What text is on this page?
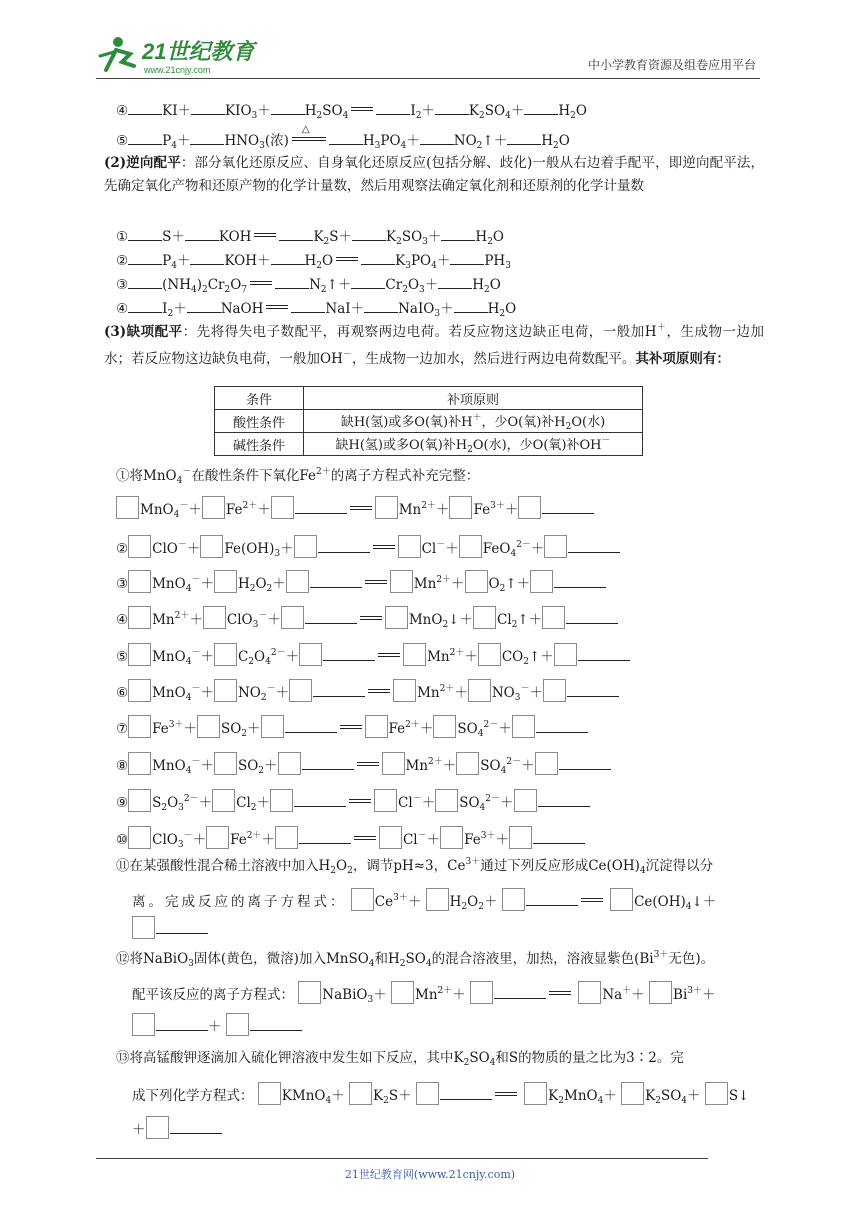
21世纪教育
www.21cnjy.com	中小学教育资源及组卷应用平台
④	KI＋	$KIO_3+$	$H_2SO_4$	$I_2+$	$K_2SO_4+$	$H_2O$
⑤	$P_4+$	$HNO_3$(浓)
△
$H_3PO_4+$	$NO_2↑+$	$H_2O$
(2)逆向配平：部分氧化还原反应、自身氧化还原反应(包括分解、歧化)一般从右边着手配平，即逆向配平法，先确定氧化产物和还原产物的化学计量数，然后用观察法确定氧化剂和还原剂的化学计量数
①	S＋	KOH	$K_2S+$	$K_2SO_3+$	$H_2O$
②	$P_4+$	KOH＋	$H_2O$	$K_3PO_4+$	$PH_3$
③	$(NH_4)_2Cr_2O_7$	$N_2↑+$	$Cr_2O_3+$	$H_2O$
④	$I_2+$	NaOH	NaI＋	NaIO$_3$＋	$H_2O$
(3)缺项配平：先将得失电子数配平，再观察两边电荷。若反应物这边缺正电荷，一般加H＋，生成物一边加水；若反应物这边缺负电荷，一般加OH－，生成物一边加水，然后进行两边电荷数配平。其补项原则有：
条件	补项原则
酸性条件	缺H(氢)或多O(氧)补H＋，少O(氧)补$H_2O$(水)
碱性条件	缺H(氢)或多O(氧)补$H_2O$(水)，少O(氧)补OH－
①将MnO$_4$－在酸性条件下氧化$Fe^{2+}$的离子方程式补充完整：
$MnO_4^-+ Fe^{2+}+$	$Mn^{2+}+ Fe^{3+}+$
② $ClO^-+ Fe(OH)_3+$	Cl－＋ FeO$_4^{2-}$＋
③ $MnO_4^-+ H_2O_2+$	$Mn^{2+}+$ $O_2↑+$
④ $Mn^{2+}+ ClO_3^-+$	MnO$_2$↓＋ $Cl_2↑+$
⑤ $MnO_4^-+ C_2O_4^{2-}+$	$Mn^{2+}+$ $CO_2↑+$
⑥ $MnO_4^-+ NO_2^-+$	$Mn^{2+}+ NO_3^-+$
⑦ $Fe^{3+}+ SO_2+$	$Fe^{2+}+ SO_4^{2-}+$
⑧ $MnO_4^-+ SO_2+$	$Mn^{2+}+ SO_4^{2-}+$
⑨ $S_2O_3^{2-}+ Cl_2+$	$Cl^-+ SO_4^{2-}+$
⑩ $ClO_3^-+ Fe^{2+}+$	$Cl^-+ Fe^{3+}+$
⑪在某强酸性混合稀土溶液中加入$H_2O_2$，调节pH≈3，$Ce^{3+}$通过下列反应形成$Ce(OH)_4$沉淀得以分
离。完成反应的离子方程式： $Ce^{3+}+ H_2O_2+$	$Ce(OH)_4↓+$
⑫将NaBiO$_3$固体(黄色，微溶)加入MnSO$_4$和$H_2SO_4$的混合溶液里，加热，溶液显紫色($Bi^{3+}$无色)。
配平该反应的离子方程式： NaBiO$_3$＋ $Mn^{2+}+$	$Na^++ Bi^{3+}+$
＋
⑬将高锰酸钾逐滴加入硫化钾溶液中发生如下反应，其中$K_2SO_4$和S的物质的量之比为3∶2。完
成下列化学方程式： KMnO$_4$＋ $K_2S+$	$K_2MnO_4+ K_2SO_4+$ S↓
＋
21世纪教育网(www.21cnjy.com)
